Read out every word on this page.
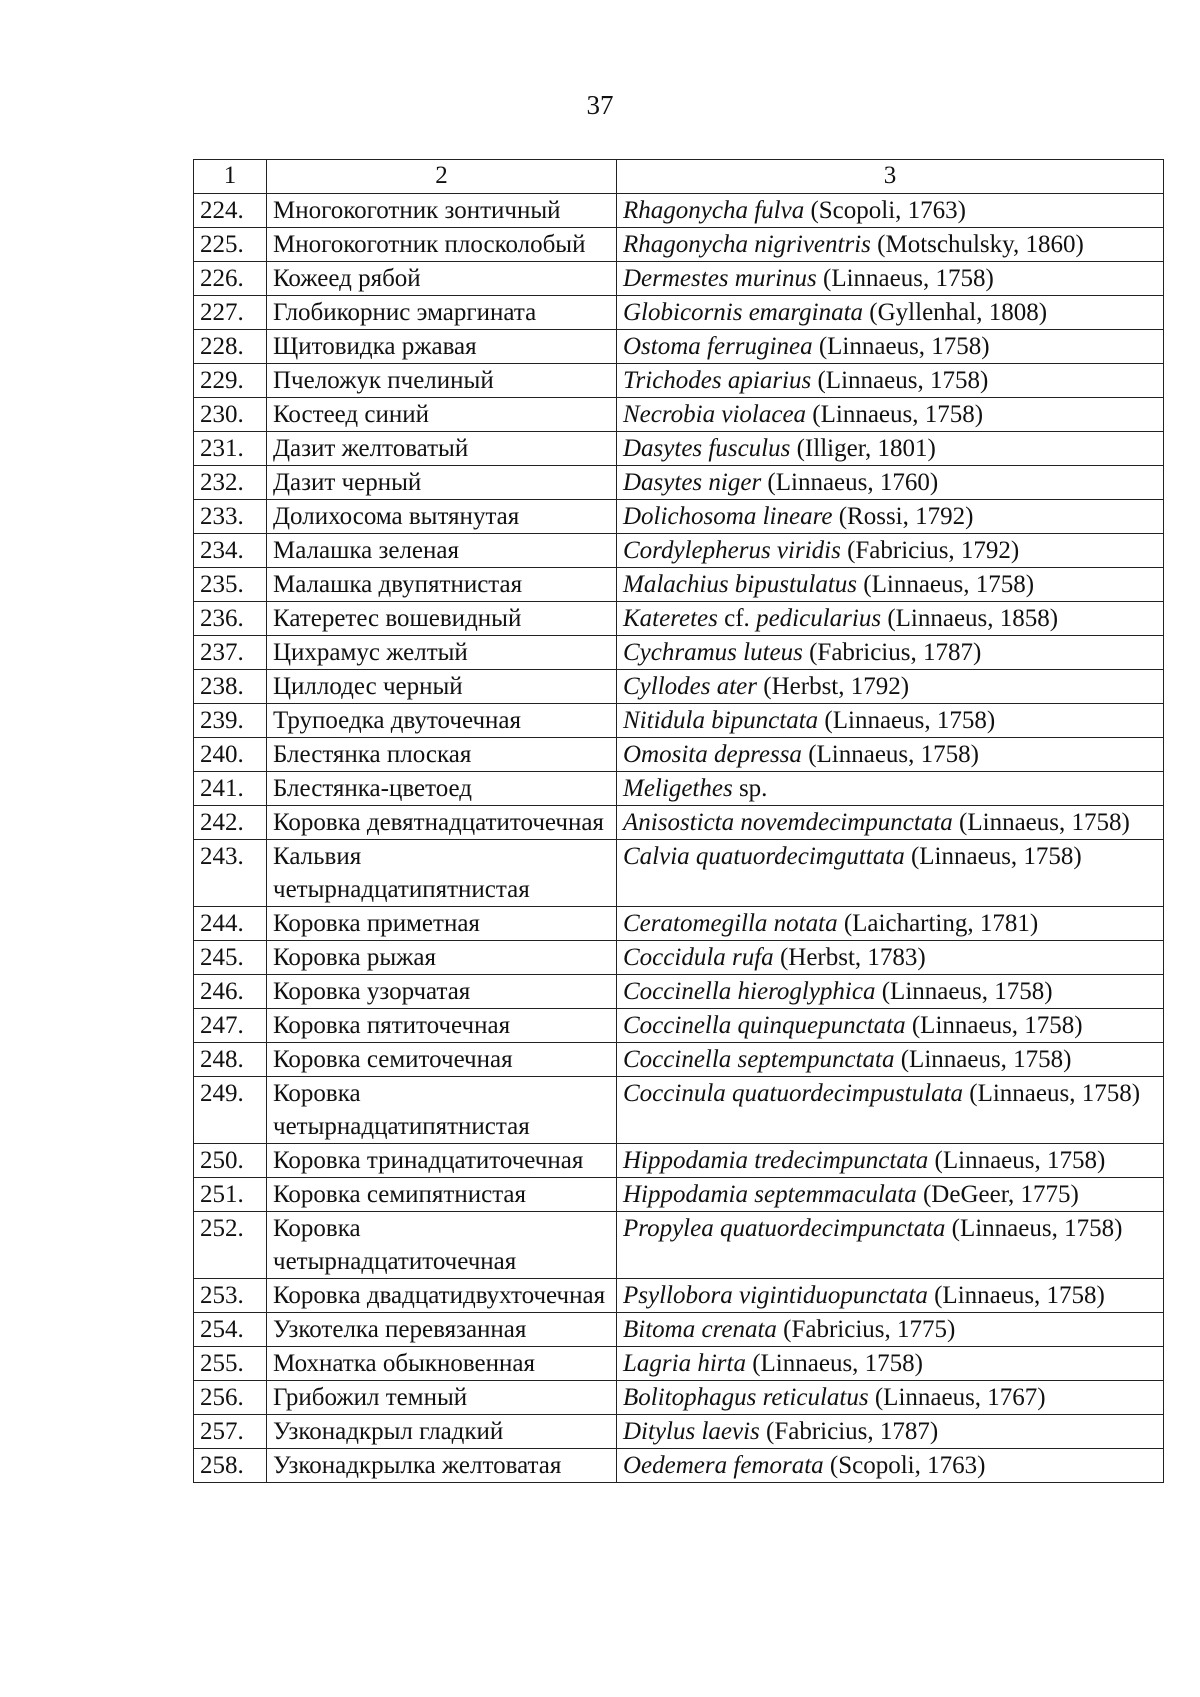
37
1	2	3
224.	Многокоготник зонтичный	Rhagonycha fulva (Scopoli, 1763)
225.	Многокоготник плосколобый	Rhagonycha nigriventris (Motschulsky, 1860)
226.	Кожеед рябой	Dermestes murinus (Linnaeus, 1758)
227.	Глобикорнис эмаргината	Globicornis emarginata (Gyllenhal, 1808)
228.	Щитовидка ржавая	Ostoma ferruginea (Linnaeus, 1758)
229.	Пчеложук пчелиный	Trichodes apiarius (Linnaeus, 1758)
230.	Костеед синий	Necrobia violacea (Linnaeus, 1758)
231.	Дазит желтоватый	Dasytes fusculus (Illiger, 1801)
232.	Дазит черный	Dasytes niger (Linnaeus, 1760)
233.	Долихосома вытянутая	Dolichosoma lineare (Rossi, 1792)
234.	Малашка зеленая	Cordylepherus viridis (Fabricius, 1792)
235.	Малашка двупятнистая	Malachius bipustulatus (Linnaeus, 1758)
236.	Катеретес вошевидный	Kateretes cf. pedicularius (Linnaeus, 1858)
237.	Цихрамус желтый	Cychramus luteus (Fabricius, 1787)
238.	Циллодес черный	Cyllodes ater (Herbst, 1792)
239.	Трупоедка двуточечная	Nitidula bipunctata (Linnaeus, 1758)
240.	Блестянка плоская	Omosita depressa (Linnaeus, 1758)
241.	Блестянка-цветоед	Meligethes sp.
242.	Коровка девятнадцатиточечная	Anisosticta novemdecimpunctata (Linnaeus, 1758)
243.	Кальвия четырнадцатипятнистая	Calvia quatuordecimguttata (Linnaeus, 1758)
244.	Коровка приметная	Ceratomegilla notata (Laicharting, 1781)
245.	Коровка рыжая	Coccidula rufa (Herbst, 1783)
246.	Коровка узорчатая	Coccinella hieroglyphica (Linnaeus, 1758)
247.	Коровка пятиточечная	Coccinella quinquepunctata (Linnaeus, 1758)
248.	Коровка семиточечная	Coccinella septempunctata (Linnaeus, 1758)
249.	Коровка четырнадцатипятнистая	Coccinula quatuordecimpustulata (Linnaeus, 1758)
250.	Коровка тринадцатиточечная	Hippodamia tredecimpunctata (Linnaeus, 1758)
251.	Коровка семипятнистая	Hippodamia septemmaculata (DeGeer, 1775)
252.	Коровка четырнадцатиточечная	Propylea quatuordecimpunctata (Linnaeus, 1758)
253.	Коровка двадцатидвухточечная	Psyllobora vigintiduopunctata (Linnaeus, 1758)
254.	Узкотелка перевязанная	Bitoma crenata (Fabricius, 1775)
255.	Мохнатка обыкновенная	Lagria hirta (Linnaeus, 1758)
256.	Грибожил темный	Bolitophagus reticulatus (Linnaeus, 1767)
257.	Узконадкрыл гладкий	Ditylus laevis (Fabricius, 1787)
258.	Узконадкрылка желтоватая	Oedemera femorata (Scopoli, 1763)
